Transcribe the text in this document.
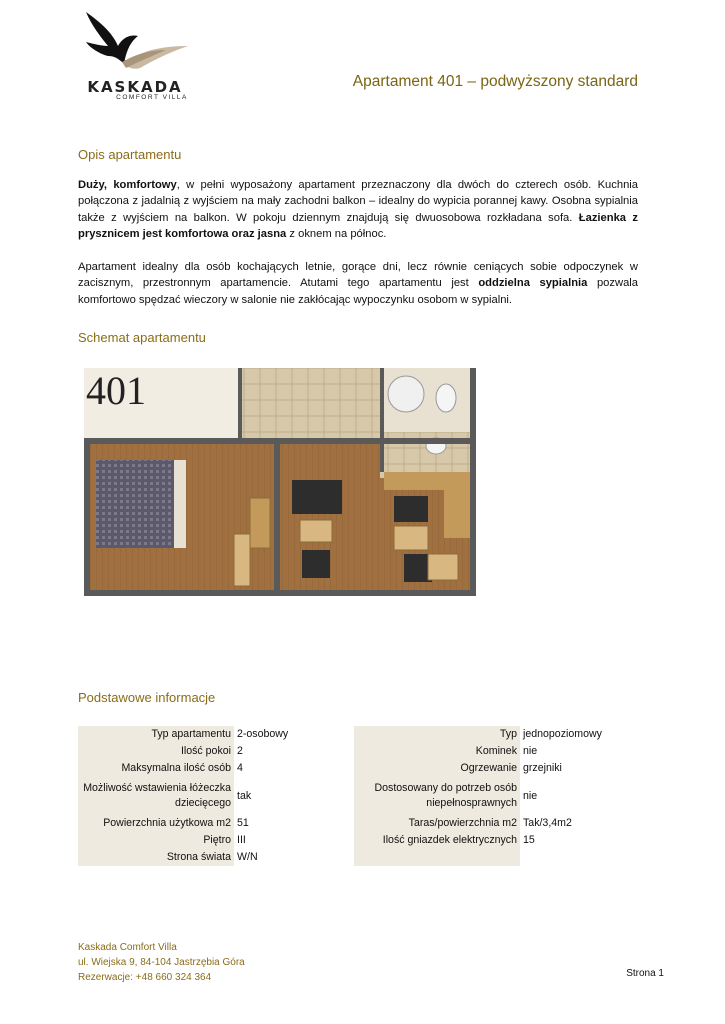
KASKADA
COMFORT VILLA
Apartament 401 – podwyższony standard
Opis apartamentu
Duży, komfortowy, w pełni wyposażony apartament przeznaczony dla dwóch do czterech osób. Kuchnia połączona z jadalnią z wyjściem na mały zachodni balkon – idealny do wypicia porannej kawy. Osobna sypialnia także z wyjściem na balkon. W pokoju dziennym znajdują się dwuosobowa rozkładana sofa. Łazienka z prysznicem jest komfortowa oraz jasna z oknem na północ.
Apartament idealny dla osób kochających letnie, gorące dni, lecz równie ceniących sobie odpoczynek w zacisznym, przestronnym apartamencie. Atutami tego apartamentu jest oddzielna sypialnia pozwala komfortowo spędzać wieczory w salonie nie zakłócając wypoczynku osobom w sypialni.
Schemat apartamentu
401
Podstawowe informacje
Typ apartamentu	2-osobowy
Ilość pokoi	2
Maksymalna ilość osób	4
Możliwość wstawienia łóżeczka dziecięcego	tak
Powierzchnia użytkowa m2	51
Piętro	III
Strona świata	W/N
Typ	jednopoziomowy
Kominek	nie
Ogrzewanie	grzejniki
Dostosowany do potrzeb osób niepełnosprawnych	nie
Taras/powierzchnia m2	Tak/3,4m2
Ilość gniazdek elektrycznych	15

Kaskada Comfort Villa
ul. Wiejska 9, 84-104 Jastrzębia Góra
Rezerwacje: +48 660 324 364	Strona 1
